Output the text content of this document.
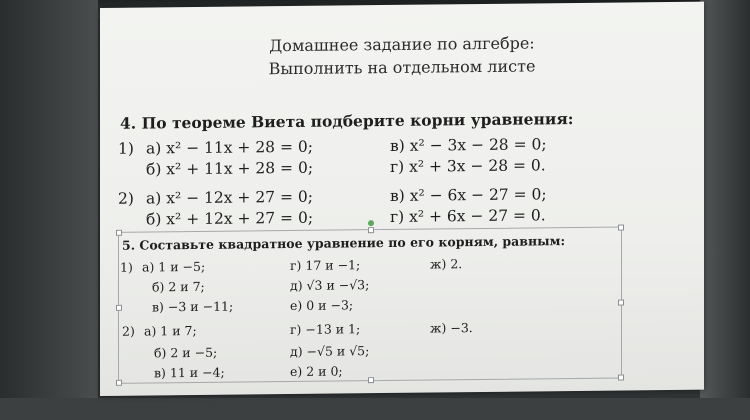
Домашнее задание по алгебре:
Выполнить на отдельном листе
4. По теореме Виета подберите корни уравнения:
1) а) x² − 11x + 28 = 0;
б) x² + 11x + 28 = 0;
в) x² − 3x − 28 = 0;
г) x² + 3x − 28 = 0.
2) а) x² − 12x + 27 = 0;
б) x² + 12x + 27 = 0;
в) x² − 6x − 27 = 0;
г) x² + 6x − 27 = 0.
5. Составьте квадратное уравнение по его корням, равным:
1) а) 1 и −5;
б) 2 и 7;
в) −3 и −11;
г) 17 и −1;
д) √3 и −√3;
е) 0 и −3;
ж) 2.
2) а) 1 и 7;
б) 2 и −5;
в) 11 и −4;
г) −13 и 1;
д) −√5 и √5;
е) 2 и 0;
ж) −3.
